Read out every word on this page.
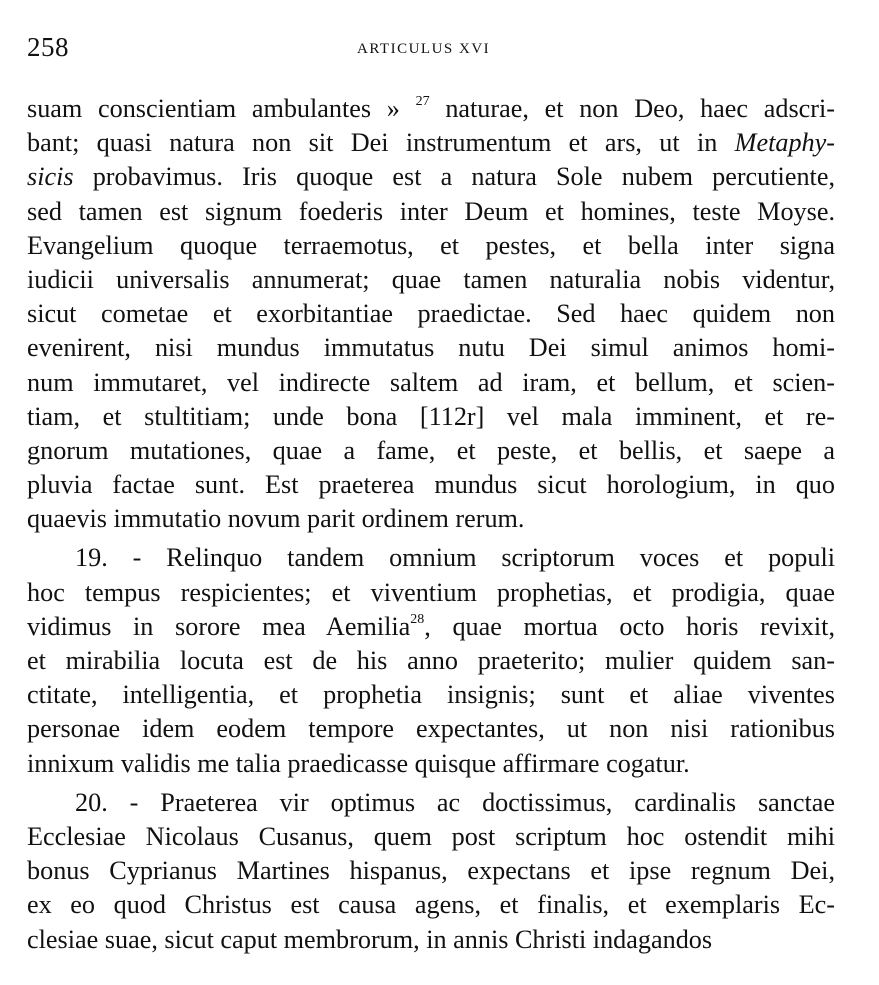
258	ARTICULUS XVI
suam conscientiam ambulantes » $^{27}$ naturae, et non Deo, haec adscri-
bant; quasi natura non sit Dei instrumentum et ars, ut in Metaphy-
sicis probavimus. Iris quoque est a natura Sole nubem percutiente,
sed tamen est signum foederis inter Deum et homines, teste Moyse.
Evangelium quoque terraemotus, et pestes, et bella inter signa
iudicii universalis annumerat; quae tamen naturalia nobis videntur,
sicut cometae et exorbitantiae praedictae. Sed haec quidem non
evenirent, nisi mundus immutatus nutu Dei simul animos homi-
num immutaret, vel indirecte saltem ad iram, et bellum, et scien-
tiam, et stultitiam; unde bona [112r] vel mala imminent, et re-
gnorum mutationes, quae a fame, et peste, et bellis, et saepe a
pluvia factae sunt. Est praeterea mundus sicut horologium, in quo
quaevis immutatio novum parit ordinem rerum.
19. - Relinquo tandem omnium scriptorum voces et populi
hoc tempus respicientes; et viventium prophetias, et prodigia, quae
vidimus in sorore mea Aemilia$^{28}$, quae mortua octo horis revixit,
et mirabilia locuta est de his anno praeterito; mulier quidem san-
ctitate, intelligentia, et prophetia insignis; sunt et aliae viventes
personae idem eodem tempore expectantes, ut non nisi rationibus
innixum validis me talia praedicasse quisque affirmare cogatur.
20. - Praeterea vir optimus ac doctissimus, cardinalis sanctae
Ecclesiae Nicolaus Cusanus, quem post scriptum hoc ostendit mihi
bonus Cyprianus Martines hispanus, expectans et ipse regnum Dei,
ex eo quod Christus est causa agens, et finalis, et exemplaris Ec-
clesiae suae, sicut caput membrorum, in annis Christi indagandos
